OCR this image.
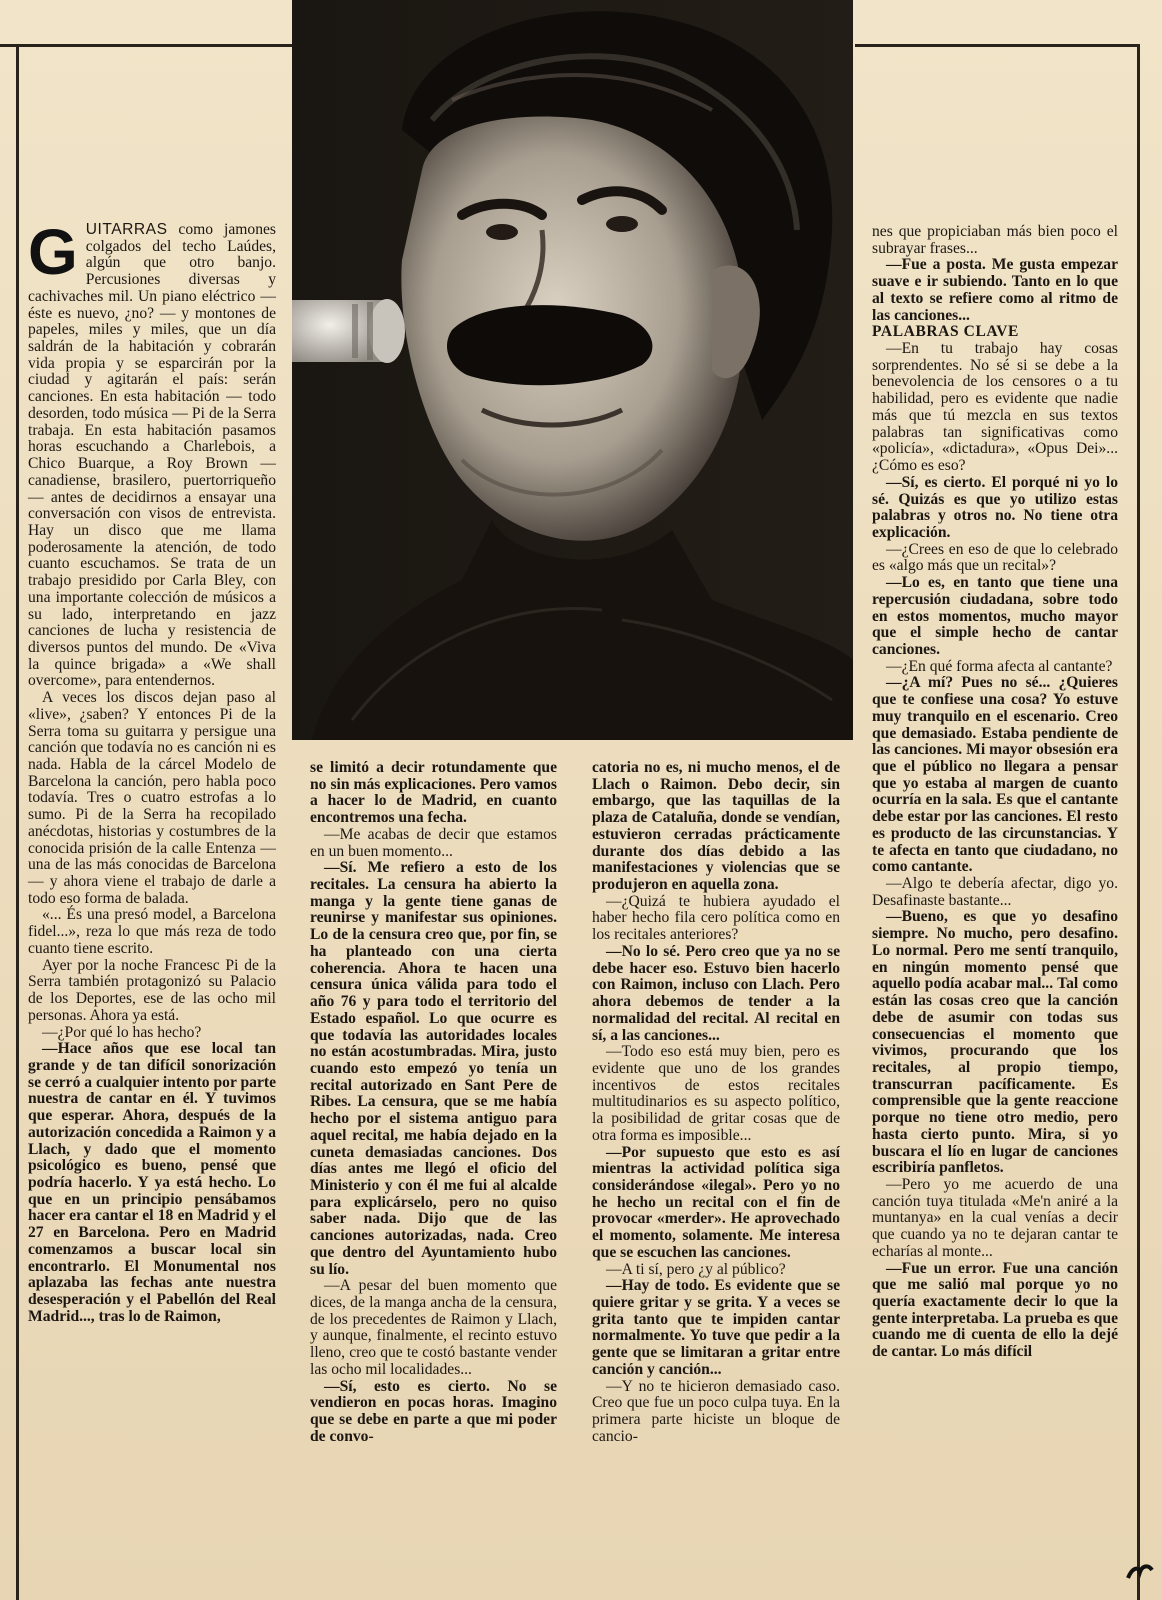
GUITARRAS como jamones colgados del techo Laúdes, algún que otro banjo. Percusiones diversas y cachivaches mil. Un piano eléctrico — éste es nuevo, ¿no? — y montones de papeles, miles y miles, que un día saldrán de la habitación y cobrarán vida propia y se esparcirán por la ciudad y agitarán el país: serán canciones. En esta habitación — todo desorden, todo música — Pi de la Serra trabaja. En esta habitación pasamos horas escuchando a Charlebois, a Chico Buarque, a Roy Brown — canadiense, brasilero, puertorriqueño — antes de decidirnos a ensayar una conversación con visos de entrevista. Hay un disco que me llama poderosamente la atención, de todo cuanto escuchamos. Se trata de un trabajo presidido por Carla Bley, con una importante colección de músicos a su lado, interpretando en jazz canciones de lucha y resistencia de diversos puntos del mundo. De «Viva la quince brigada» a «We shall overcome», para entendernos.

A veces los discos dejan paso al «live», ¿saben? Y entonces Pi de la Serra toma su guitarra y persigue una canción que todavía no es canción ni es nada. Habla de la cárcel Modelo de Barcelona la canción, pero habla poco todavía. Tres o cuatro estrofas a lo sumo. Pi de la Serra ha recopilado anécdotas, historias y costumbres de la conocida prisión de la calle Entenza — una de las más conocidas de Barcelona — y ahora viene el trabajo de darle a todo eso forma de balada.

«... És una presó model, a Barcelona fidel...», reza lo que más reza de todo cuanto tiene escrito.

Ayer por la noche Francesc Pi de la Serra también protagonizó su Palacio de los Deportes, ese de las ocho mil personas. Ahora ya está.

—¿Por qué lo has hecho?

—Hace años que ese local tan grande y de tan difícil sonorización se cerró a cualquier intento por parte nuestra de cantar en él. Y tuvimos que esperar. Ahora, después de la autorización concedida a Raimon y a Llach, y dado que el momento psicológico es bueno, pensé que podría hacerlo. Y ya está hecho. Lo que en un principio pensábamos hacer era cantar el 18 en Madrid y el 27 en Barcelona. Pero en Madrid comenzamos a buscar local sin encontrarlo. El Monumental nos aplazaba las fechas ante nuestra desesperación y el Pabellón del Real Madrid..., tras lo de Raimon,

se limitó a decir rotundamente que no sin más explicaciones. Pero vamos a hacer lo de Madrid, en cuanto encontremos una fecha.

—Me acabas de decir que estamos en un buen momento...

—Sí. Me refiero a esto de los recitales. La censura ha abierto la manga y la gente tiene ganas de reunirse y manifestar sus opiniones. Lo de la censura creo que, por fin, se ha planteado con una cierta coherencia. Ahora te hacen una censura única válida para todo el año 76 y para todo el territorio del Estado español. Lo que ocurre es que todavía las autoridades locales no están acostumbradas. Mira, justo cuando esto empezó yo tenía un recital autorizado en Sant Pere de Ribes. La censura, que se me había hecho por el sistema antiguo para aquel recital, me había dejado en la cuneta demasiadas canciones. Dos días antes me llegó el oficio del Ministerio y con él me fui al alcalde para explicárselo, pero no quiso saber nada. Dijo que de las canciones autorizadas, nada. Creo que dentro del Ayuntamiento hubo su lío.

—A pesar del buen momento que dices, de la manga ancha de la censura, de los precedentes de Raimon y Llach, y aunque, finalmente, el recinto estuvo lleno, creo que te costó bastante vender las ocho mil localidades...

—Sí, esto es cierto. No se vendieron en pocas horas. Imagino que se debe en parte a que mi poder de convo-

catoria no es, ni mucho menos, el de Llach o Raimon. Debo decir, sin embargo, que las taquillas de la plaza de Cataluña, donde se vendían, estuvieron cerradas prácticamente durante dos días debido a las manifestaciones y violencias que se produjeron en aquella zona.

—¿Quizá te hubiera ayudado el haber hecho fila cero política como en los recitales anteriores?

—No lo sé. Pero creo que ya no se debe hacer eso. Estuvo bien hacerlo con Raimon, incluso con Llach. Pero ahora debemos de tender a la normalidad del recital. Al recital en sí, a las canciones...

—Todo eso está muy bien, pero es evidente que uno de los grandes incentivos de estos recitales multitudinarios es su aspecto político, la posibilidad de gritar cosas que de otra forma es imposible...

—Por supuesto que esto es así mientras la actividad política siga considerándose «ilegal». Pero yo no he hecho un recital con el fin de provocar «merder». He aprovechado el momento, solamente. Me interesa que se escuchen las canciones.

—A ti sí, pero ¿y al público?

—Hay de todo. Es evidente que se quiere gritar y se grita. Y a veces se grita tanto que te impiden cantar normalmente. Yo tuve que pedir a la gente que se limitaran a gritar entre canción y canción...

—Y no te hicieron demasiado caso. Creo que fue un poco culpa tuya. En la primera parte hiciste un bloque de cancio-

nes que propiciaban más bien poco el subrayar frases...

—Fue a posta. Me gusta empezar suave e ir subiendo. Tanto en lo que al texto se refiere como al ritmo de las canciones...

PALABRAS CLAVE

—En tu trabajo hay cosas sorprendentes. No sé si se debe a la benevolencia de los censores o a tu habilidad, pero es evidente que nadie más que tú mezcla en sus textos palabras tan significativas como «policía», «dictadura», «Opus Dei»... ¿Cómo es eso?

—Sí, es cierto. El porqué ni yo lo sé. Quizás es que yo utilizo estas palabras y otros no. No tiene otra explicación.

—¿Crees en eso de que lo celebrado es «algo más que un recital»?

—Lo es, en tanto que tiene una repercusión ciudadana, sobre todo en estos momentos, mucho mayor que el simple hecho de cantar canciones.

—¿En qué forma afecta al cantante?

—¿A mí? Pues no sé... ¿Quieres que te confiese una cosa? Yo estuve muy tranquilo en el escenario. Creo que demasiado. Estaba pendiente de las canciones. Mi mayor obsesión era que el público no llegara a pensar que yo estaba al margen de cuanto ocurría en la sala. Es que el cantante debe estar por las canciones. El resto es producto de las circunstancias. Y te afecta en tanto que ciudadano, no como cantante.

—Algo te debería afectar, digo yo. Desafinaste bastante...

—Bueno, es que yo desafino siempre. No mucho, pero desafino. Lo normal. Pero me sentí tranquilo, en ningún momento pensé que aquello podía acabar mal... Tal como están las cosas creo que la canción debe de asumir con todas sus consecuencias el momento que vivimos, procurando que los recitales, al propio tiempo, transcurran pacíficamente. Es comprensible que la gente reaccione porque no tiene otro medio, pero hasta cierto punto. Mira, si yo buscara el lío en lugar de canciones escribiría panfletos.

—Pero yo me acuerdo de una canción tuya titulada «Me'n aniré a la muntanya» en la cual venías a decir que cuando ya no te dejaran cantar te echarías al monte...

—Fue un error. Fue una canción que me salió mal porque yo no quería exactamente decir lo que la gente interpretaba. La prueba es que cuando me di cuenta de ello la dejé de cantar. Lo más difícil
